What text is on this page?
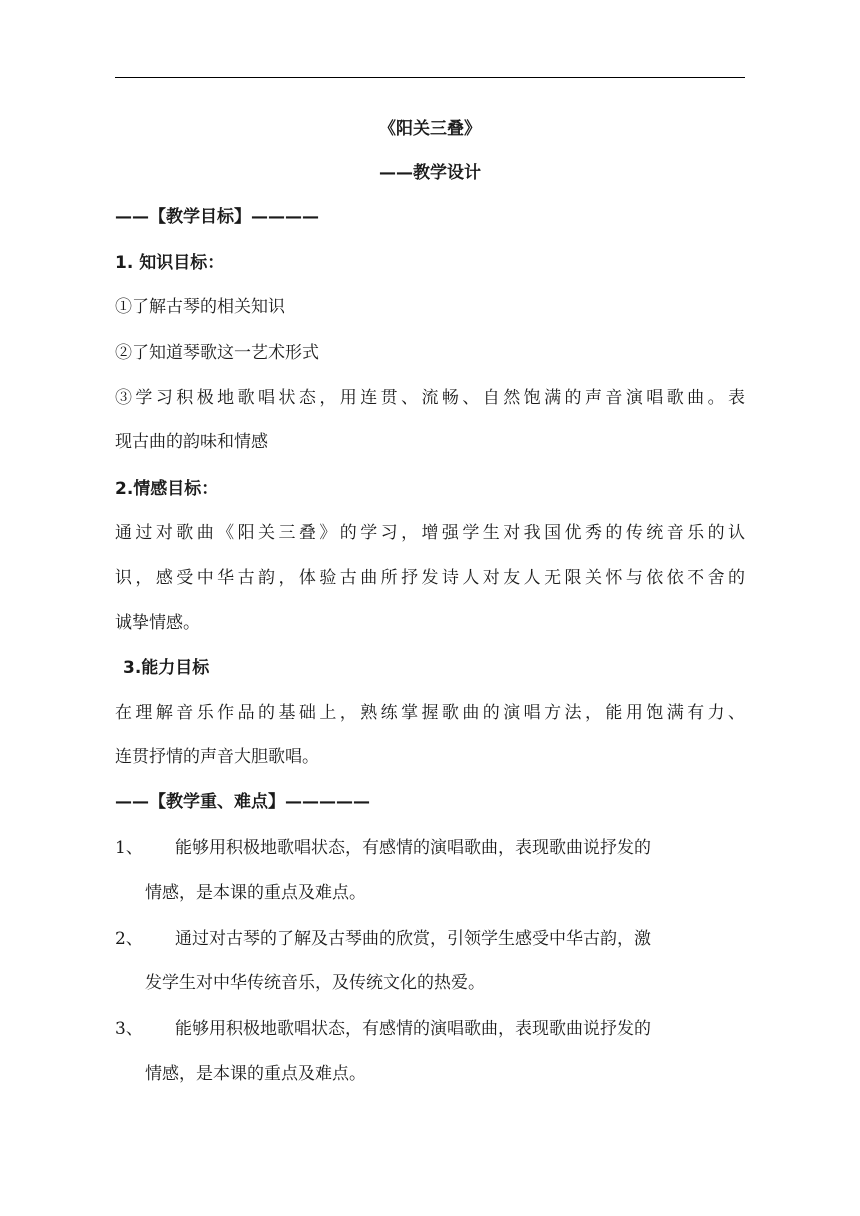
《阳关三叠》
——教学设计
——【教学目标】————
1. 知识目标：
①了解古琴的相关知识
②了知道琴歌这一艺术形式
③学习积极地歌唱状态，用连贯、流畅、自然饱满的声音演唱歌曲。表
现古曲的韵味和情感
2.情感目标：
通过对歌曲《阳关三叠》的学习，增强学生对我国优秀的传统音乐的认
识，感受中华古韵，体验古曲所抒发诗人对友人无限关怀与依依不舍的
诚挚情感。
3.能力目标
在理解音乐作品的基础上，熟练掌握歌曲的演唱方法，能用饱满有力、
连贯抒情的声音大胆歌唱。
——【教学重、难点】—————
1、 能够用积极地歌唱状态，有感情的演唱歌曲，表现歌曲说抒发的
情感，是本课的重点及难点。
2、 通过对古琴的了解及古琴曲的欣赏，引领学生感受中华古韵，激
发学生对中华传统音乐，及传统文化的热爱。
3、 能够用积极地歌唱状态，有感情的演唱歌曲，表现歌曲说抒发的
情感，是本课的重点及难点。
